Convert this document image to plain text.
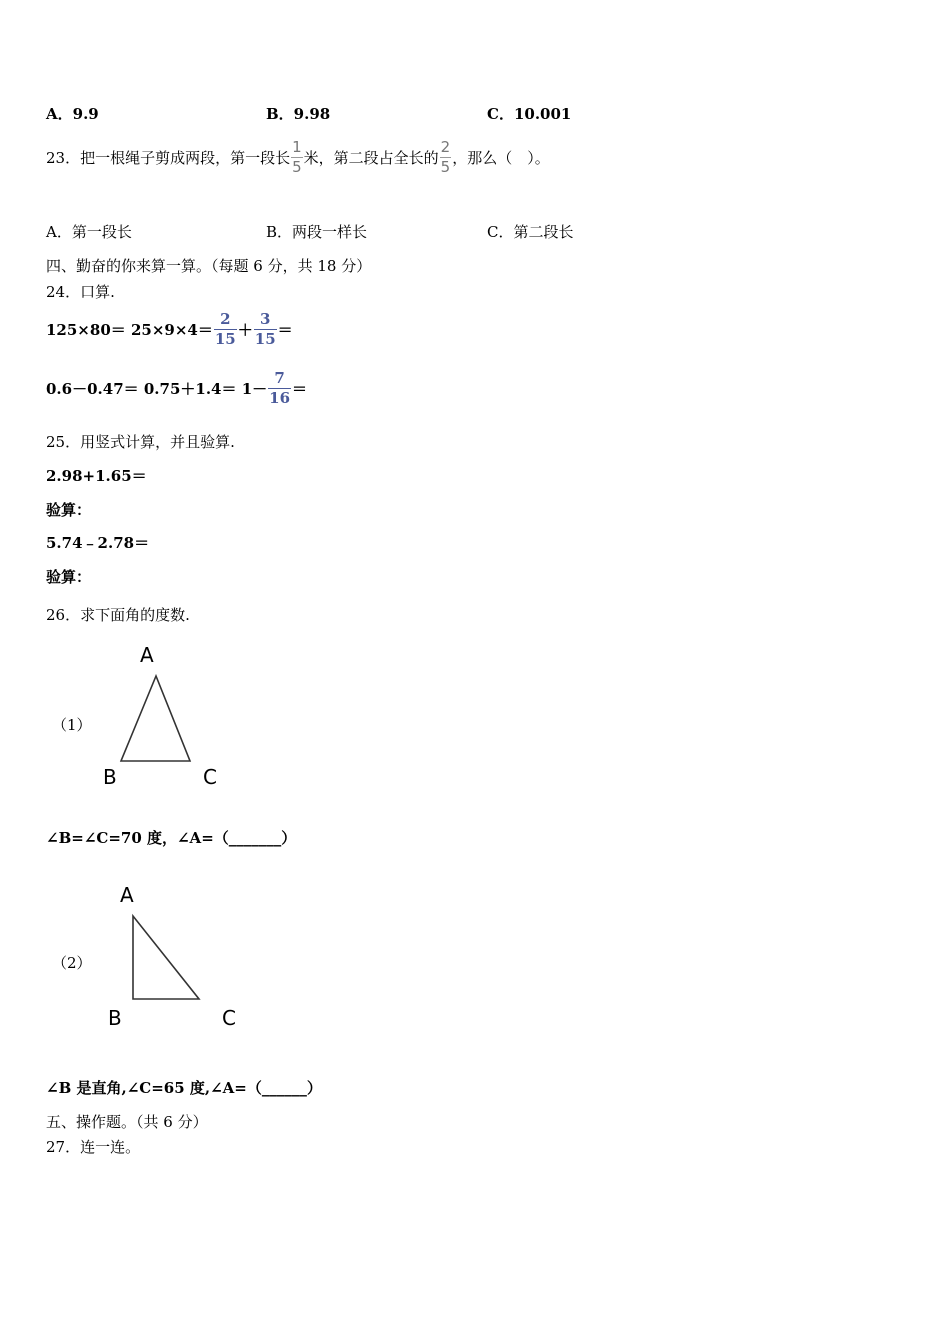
A．9.9	B．9.98	C．10.001
23．把一根绳子剪成两段，第一段长 $\frac{1}{5}$ 米，第二段占全长的 $\frac{2}{5}$ ，那么（　）。
A．第一段长	B．两段一样长	C．第二段长
四、勤奋的你来算一算。（每题 6 分，共 18 分）
24．口算.
$125\times 80= 25\times 9\times 4= \frac{2}{15} + \frac{3}{15}$ ＝
$0.6-0.47= 0.75+1.4= 1- \frac{7}{16}$ ＝
25．用竖式计算，并且验算.
2.98+1.65＝
验算：
5.74﹣2.78＝
验算：
26．求下面角的度数.
（1）
A
B	C
∠B=∠C=70 度，∠A=（_______）
（2）
A
B	C
∠B 是直角,∠C=65 度,∠A=（______）
五、操作题。（共 6 分）
27．连一连。
